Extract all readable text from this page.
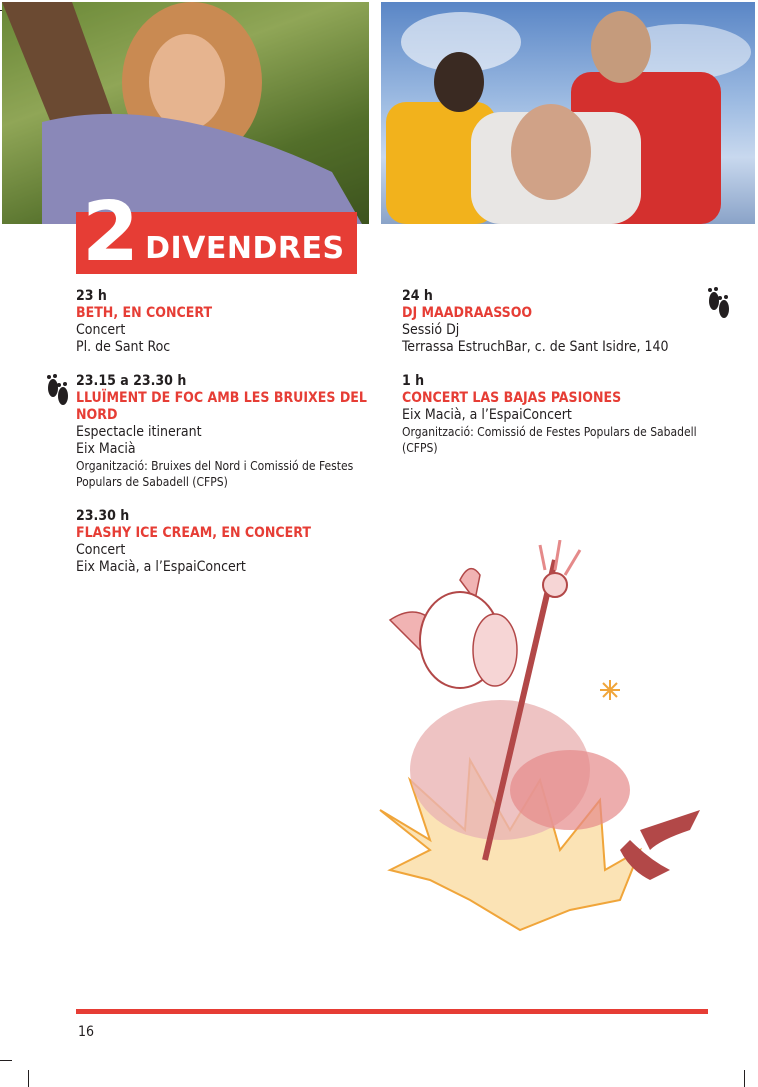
2 DIVENDRES
23 h
BETH, EN CONCERT
Concert
Pl. de Sant Roc
23.15 a 23.30 h
LLUÏMENT DE FOC AMB LES BRUIXES DEL NORD
Espectacle itinerant
Eix Macià
Organització: Bruixes del Nord i Comissió de Festes Populars de Sabadell (CFPS)
23.30 h
FLASHY ICE CREAM, EN CONCERT
Concert
Eix Macià, a l’EspaiConcert
24 h
DJ MAADRAASSOO
Sessió Dj
Terrassa EstruchBar, c. de Sant Isidre, 140
1 h
CONCERT LAS BAJAS PASIONES
Eix Macià, a l’EspaiConcert
Organització: Comissió de Festes Populars de Sabadell (CFPS)
16
